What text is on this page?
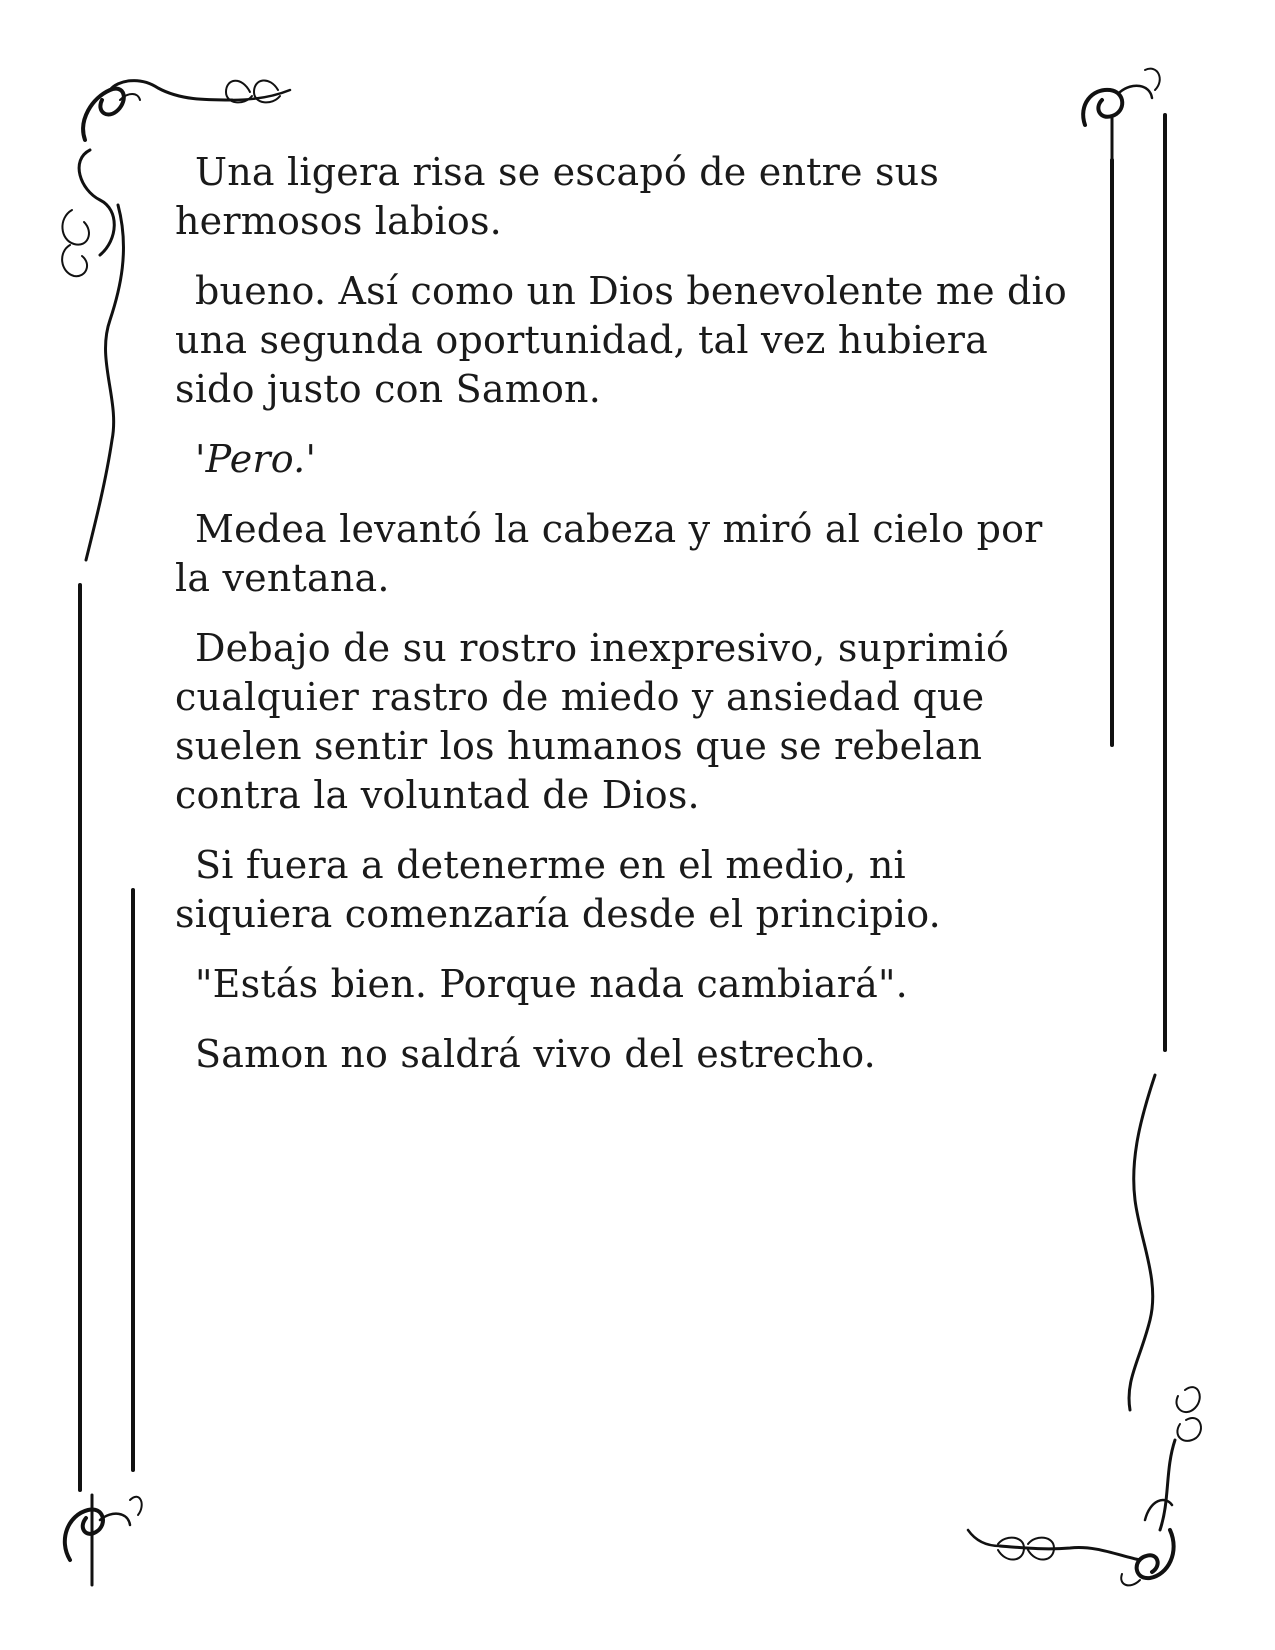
Una ligera risa se escapó de entre sus hermosos labios.

bueno. Así como un Dios benevolente me dio una segunda oportunidad, tal vez hubiera sido justo con Samon.

'Pero.'

Medea levantó la cabeza y miró al cielo por la ventana.

Debajo de su rostro inexpresivo, suprimió cualquier rastro de miedo y ansiedad que suelen sentir los humanos que se rebelan contra la voluntad de Dios.

Si fuera a detenerme en el medio, ni siquiera comenzaría desde el principio.

"Estás bien. Porque nada cambiará".

Samon no saldrá vivo del estrecho.
